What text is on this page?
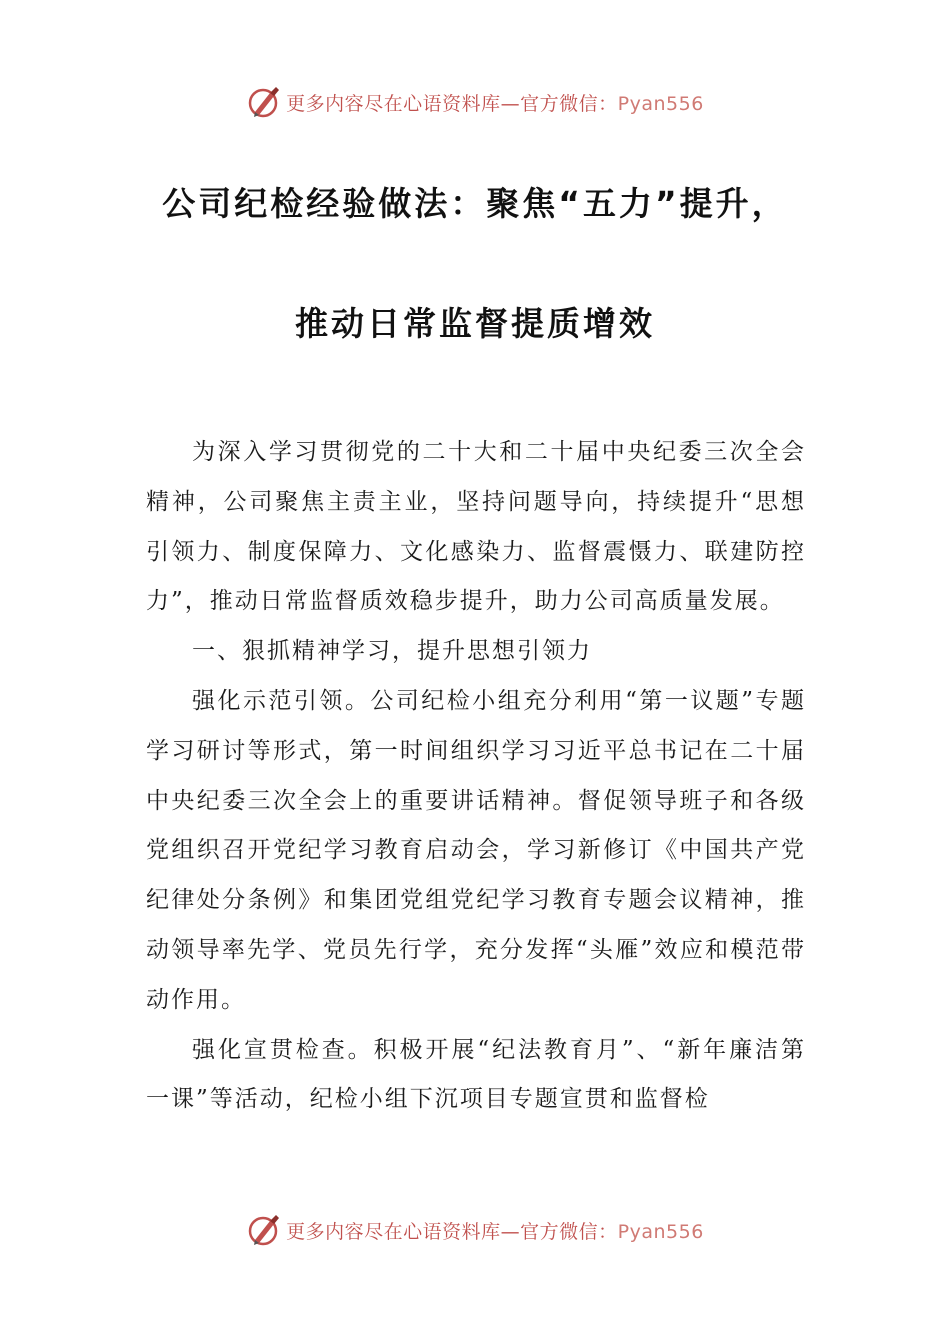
更多内容尽在心语资料库—官方微信：Pyan556
公司纪检经验做法：聚焦“五力”提升，
推动日常监督提质增效

为深入学习贯彻党的二十大和二十届中央纪委三次全会精神，公司聚焦主责主业，坚持问题导向，持续提升“思想引领力、制度保障力、文化感染力、监督震慑力、联建防控力”，推动日常监督质效稳步提升，助力公司高质量发展。

一、狠抓精神学习，提升思想引领力

强化示范引领。公司纪检小组充分利用“第一议题”专题学习研讨等形式，第一时间组织学习习近平总书记在二十届中央纪委三次全会上的重要讲话精神。督促领导班子和各级党组织召开党纪学习教育启动会，学习新修订《中国共产党纪律处分条例》和集团党组党纪学习教育专题会议精神，推动领导率先学、党员先行学，充分发挥“头雁”效应和模范带动作用。

强化宣贯检查。积极开展“纪法教育月”、“新年廉洁第一课”等活动，纪检小组下沉项目专题宣贯和监督检

更多内容尽在心语资料库—官方微信：Pyan556
